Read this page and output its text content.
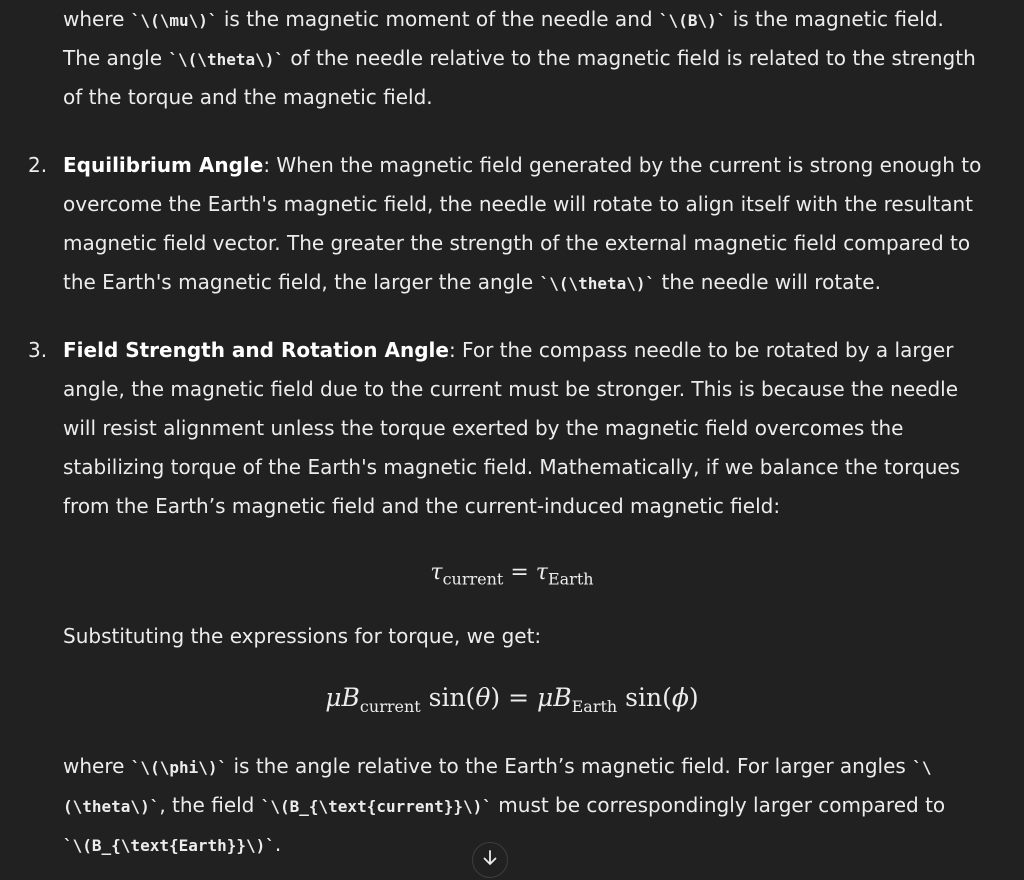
where `\(\mu\)` is the magnetic moment of the needle and `\(B\)` is the magnetic field.
The angle `\(\theta\)` of the needle relative to the magnetic field is related to the strength
of the torque and the magnetic field.
2. Equilibrium Angle: When the magnetic field generated by the current is strong enough to
overcome the Earth's magnetic field, the needle will rotate to align itself with the resultant
magnetic field vector. The greater the strength of the external magnetic field compared to
the Earth's magnetic field, the larger the angle `\(\theta\)` the needle will rotate.
3. Field Strength and Rotation Angle: For the compass needle to be rotated by a larger
angle, the magnetic field due to the current must be stronger. This is because the needle
will resist alignment unless the torque exerted by the magnetic field overcomes the
stabilizing torque of the Earth's magnetic field. Mathematically, if we balance the torques
from the Earth’s magnetic field and the current-induced magnetic field:
$\tau_{current} = \tau_{Earth}$
Substituting the expressions for torque, we get:
$\mu B_{current}$ $\sin(\theta) = \mu B_{Earth}$ sin(ϕ)
where `\(\phi\)` is the angle relative to the Earth’s magnetic field. For larger angles `\
(\theta\)`, the field `\(B_{\text{current}}\)` must be correspondingly larger compared to
`\(B_{\text{Earth}}\)`.
